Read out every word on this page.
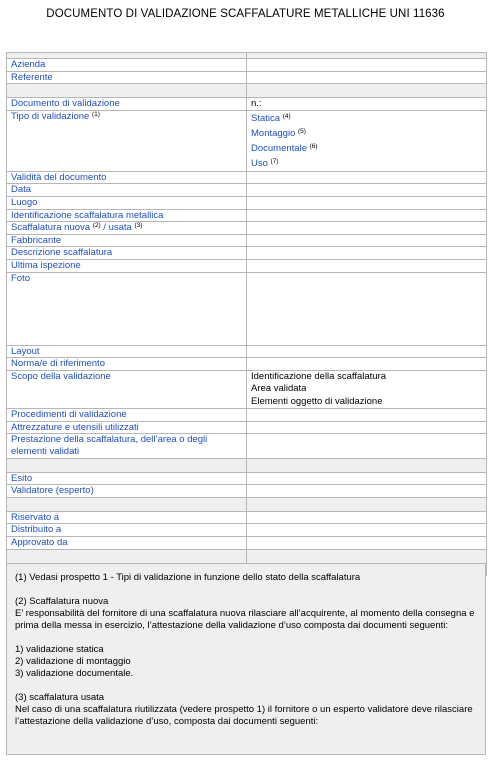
DOCUMENTO DI VALIDAZIONE SCAFFALATURE METALLICHE UNI 11636

Azienda	
Referente	

Documento di validazione	n.:
Tipo di validazione $^{(1)}$	Statica $^{(4)}$
Montaggio $^{(5)}$
Documentale $^{(6)}$
Uso $^{(7)}$

Validità del documento	
Data	
Luogo	
Identificazione scaffalatura metallica	
Scaffalatura nuova $^{(2)}$ / usata $^{(3)}$	
Fabbricante	
Descrizione scaffalatura	
Ultima ispezione	
Foto	
Layout	
Norma/e di riferimento	
Scopo della validazione	Identificazione della scaffalatura
Area validata
Elementi oggetto di validazione

Procedimenti di validazione	
Attrezzature e utensili utilizzati	
Prestazione della scaffalatura, dell’area o degli elementi validati	

Esito	
Validatore (esperto)	

Riservato a	
Distribuito a	
Approvato da	

(1) Vedasi prospetto 1 - Tipi di validazione in funzione dello stato della scaffalatura

(2) Scaffalatura nuova

E’ responsabilità del fornitore di una scaffalatura nuova rilasciare all’acquirente, al momento della consegna e prima della messa in esercizio, l’attestazione della validazione d’uso composta dai documenti seguenti:

1) validazione statica

2) validazione di montaggio

3) validazione documentale.

(3) scaffalatura usata

Nel caso di una scaffalatura riutilizzata (vedere prospetto 1) il fornitore o un esperto validatore deve rilasciare l’attestazione della validazione d’uso, composta dai documenti seguenti:
